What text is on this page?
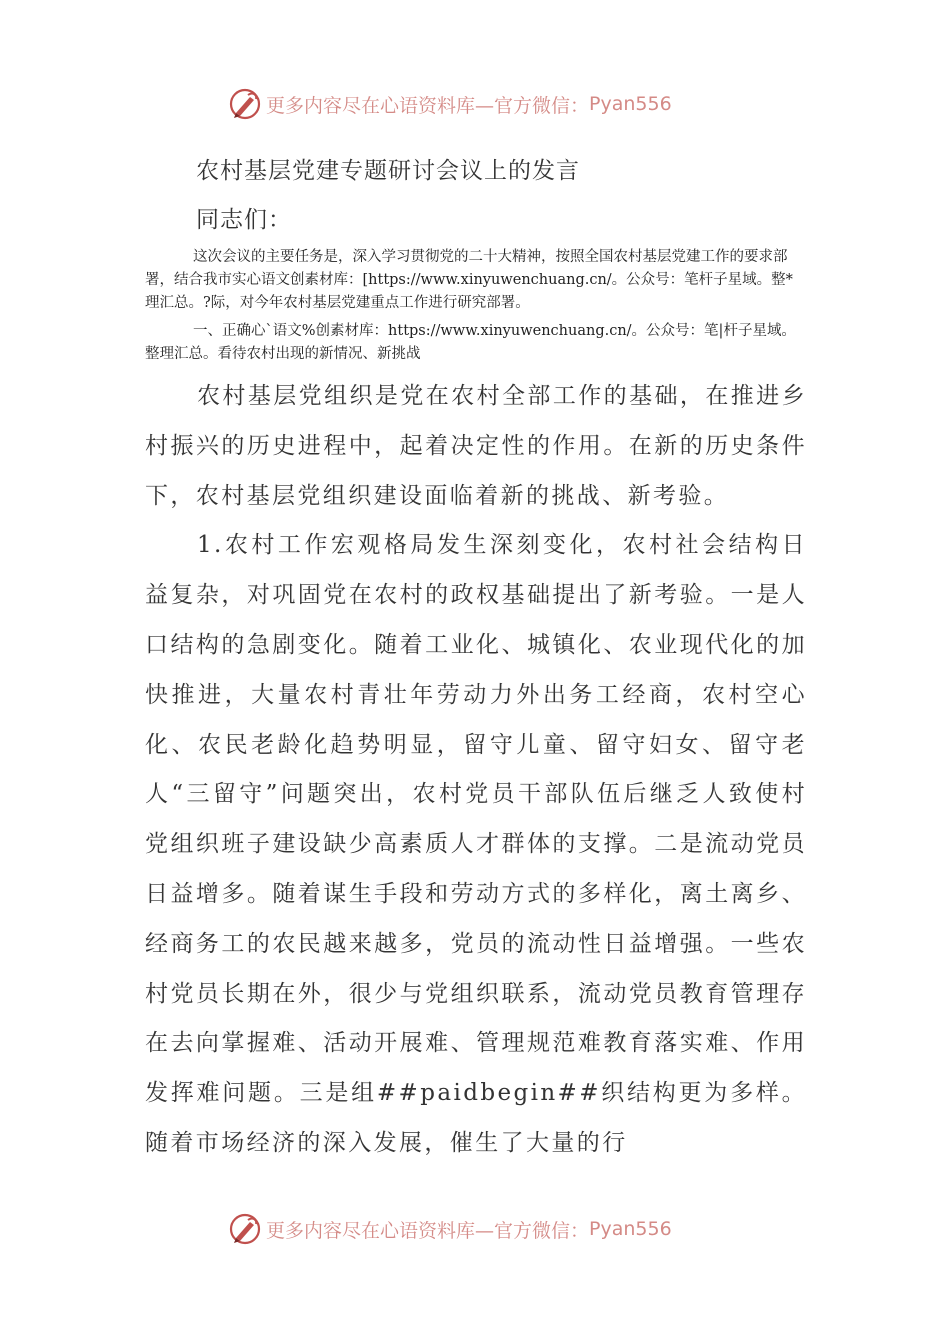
更多内容尽在心语资料库—官方微信： Pyan556
农村基层党建专题研讨会议上的发言
同志们：
这次会议的主要任务是，深入学习贯彻党的二十大精神，按照全国农村基层党建工作的要求部署，结合我市实心语文创素材库：[https://www.xinyuwenchuang.cn/。公众号：笔杆子星域。整*理汇总。?际，对今年农村基层党建重点工作进行研究部署。
一、正确心`语文%创素材库：https://www.xinyuwenchuang.cn/。公众号：笔|杆子星域。整理汇总。看待农村出现的新情况、新挑战

农村基层党组织是党在农村全部工作的基础，在推进乡村振兴的历史进程中，起着决定性的作用。在新的历史条件下，农村基层党组织建设面临着新的挑战、新考验。

1.农村工作宏观格局发生深刻变化，农村社会结构日益复杂，对巩固党在农村的政权基础提出了新考验。一是人口结构的急剧变化。随着工业化、城镇化、农业现代化的加快推进，大量农村青壮年劳动力外出务工经商，农村空心化、农民老龄化趋势明显，留守儿童、留守妇女、留守老人“三留守”问题突出，农村党员干部队伍后继乏人致使村党组织班子建设缺少高素质人才群体的支撑。二是流动党员日益增多。随着谋生手段和劳动方式的多样化，离土离乡、经商务工的农民越来越多，党员的流动性日益增强。一些农村党员长期在外，很少与党组织联系，流动党员教育管理存在去向掌握难、活动开展难、管理规范难教育落实难、作用发挥难问题。三是组##paidbegin##织结构更为多样。随着市场经济的深入发展，催生了大量的行

更多内容尽在心语资料库—官方微信： Pyan556
